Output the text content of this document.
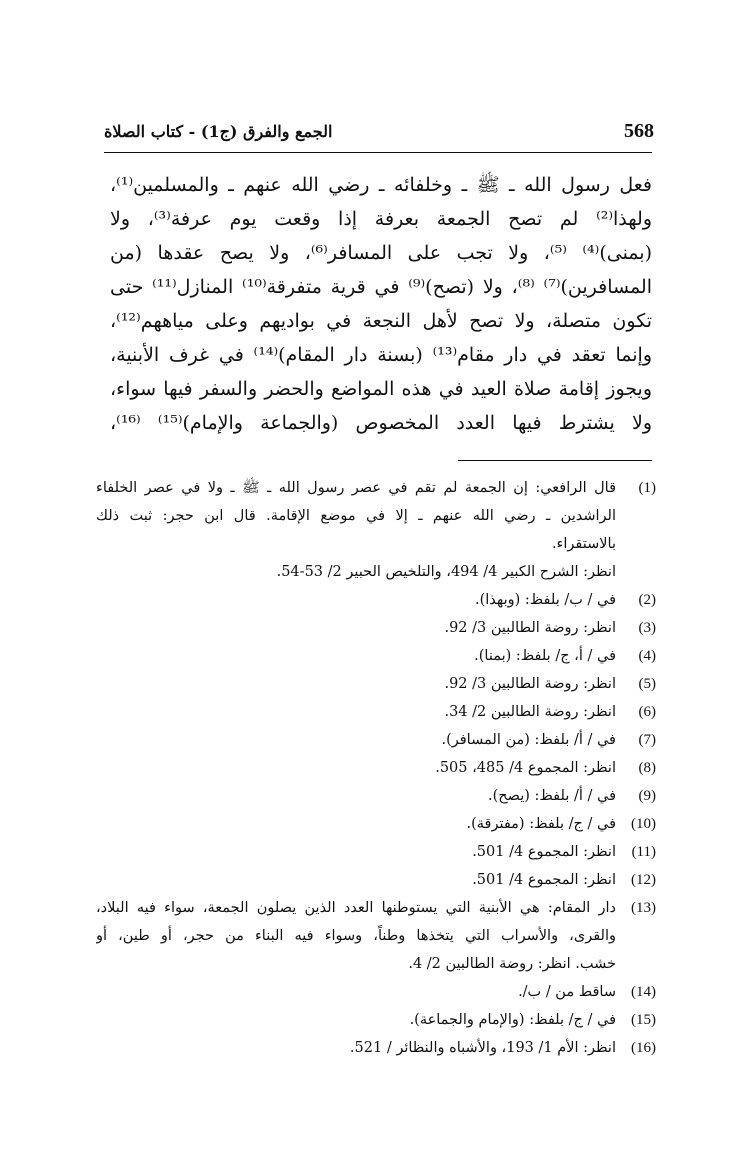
الجمع والفرق (ج1) - كتاب الصلاة	568
فعل رسول الله ـ ﷺ ـ وخلفائه ـ رضي الله عنهم ـ والمسلمين⁽¹⁾،
ولهذا⁽²⁾ لم تصح الجمعة بعرفة إذا وقعت يوم عرفة⁽³⁾، ولا
(بمنى)⁽⁴⁾ ⁽⁵⁾، ولا تجب على المسافر⁽⁶⁾، ولا يصح عقدها (من
المسافرين)⁽⁷⁾ ⁽⁸⁾، ولا (تصح)⁽⁹⁾ في قرية متفرقة⁽¹⁰⁾ المنازل⁽¹¹⁾ حتى
تكون متصلة، ولا تصح لأهل النجعة في بواديهم وعلى مياههم⁽¹²⁾،
وإنما تعقد في دار مقام⁽¹³⁾ (بسنة دار المقام)⁽¹⁴⁾ في غرف الأبنية،
ويجوز إقامة صلاة العيد في هذه المواضع والحضر والسفر فيها سواء،
ولا يشترط فيها العدد المخصوص (والجماعة والإمام)⁽¹⁵⁾ ⁽¹⁶⁾،
(1)
قال الرافعي: إن الجمعة لم تقم في عصر رسول الله ـ ﷺ ـ ولا في عصر الخلفاء
الراشدين ـ رضي الله عنهم ـ إلا في موضع الإقامة. قال ابن حجر: ثبت ذلك
بالاستقراء.
انظر: الشرح الكبير 4/ 494، والتلخيص الحبير 2/ 53-54.
(2)
في / ب/ بلفظ: (وبهذا).
(3)
انظر: روضة الطالبين 3/ 92.
(4)
في / أ، ج/ بلفظ: (بمنا).
(5)
انظر: روضة الطالبين 3/ 92.
(6)
انظر: روضة الطالبين 2/ 34.
(7)
في / أ/ بلفظ: (من المسافر).
(8)
انظر: المجموع 4/ 485، 505.
(9)
في / أ/ بلفظ: (يصح).
(10)
في / ج/ بلفظ: (مفترقة).
(11)
انظر: المجموع 4/ 501.
(12)
انظر: المجموع 4/ 501.
(13)
دار المقام: هي الأبنية التي يستوطنها العدد الذين يصلون الجمعة، سواء فيه البلاد،
والقرى، والأسراب التي يتخذها وطناً، وسواء فيه البناء من حجر، أو طين، أو
خشب. انظر: روضة الطالبين 2/ 4.
(14)
ساقط من / ب/.
(15)
في / ج/ بلفظ: (والإمام والجماعة).
(16)
انظر: الأم 1/ 193، والأشباه والنظائر / 521.
